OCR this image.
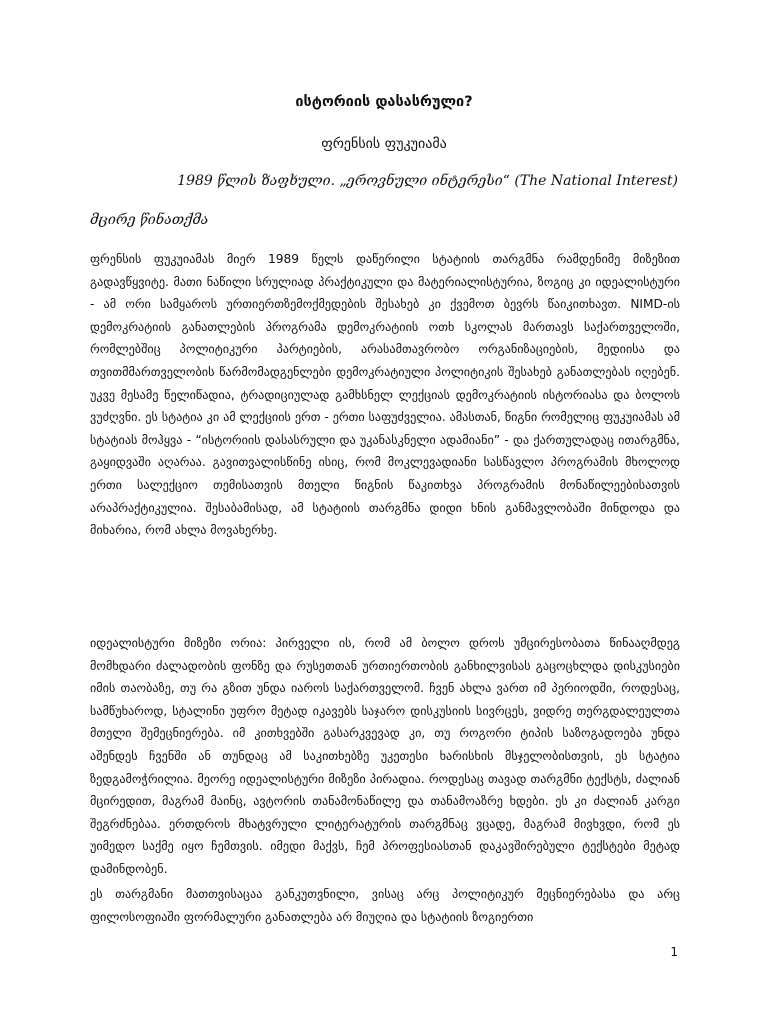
ისტორიის დასასრული?
ფრენსის ფუკუიამა
1989 წლის ზაფხული. „ეროვნული ინტერესი“ (The National Interest)
მცირე წინათქმა

ფრენსის ფუკუიამას მიერ 1989 წელს დაწერილი სტატიის თარგმნა რამდენიმე მიზეზით გადავწყვიტე. მათი ნაწილი სრულიად პრაქტიკული და მატერიალისტურია, ზოგიც კი იდეალისტური - ამ ორი სამყაროს ურთიერთზემოქმედების შესახებ კი ქვემოთ ბევრს წაიკითხავთ. NIMD-ის დემოკრატიის განათლების პროგრამა დემოკრატიის ოთხ სკოლას მართავს საქართველოში, რომლებშიც პოლიტიკური პარტიების, არასამთავრობო ორგანიზაციების, მედიისა და თვითმმართველობის წარმომადგენლები დემოკრატიული პოლიტიკის შესახებ განათლებას იღებენ. უკვე მესამე წელიწადია, ტრადიციულად გამხსნელ ლექციას დემოკრატიის ისტორიასა და ბოლოს ვუძღვნი. ეს სტატია კი ამ ლექციის ერთ - ერთი საფუძველია. ამასთან, წიგნი რომელიც ფუკუიამას ამ სტატიას მოჰყვა - “ისტორიის დასასრული და უკანასკნელი ადამიანი” - და ქართულადაც ითარგმნა, გაყიდვაში აღარაა. გავითვალისწინე ისიც, რომ მოკლევადიანი სასწავლო პროგრამის მხოლოდ ერთი სალექციო თემისათვის მთელი წიგნის წაკითხვა პროგრამის მონაწილეებისათვის არაპრაქტიკულია. შესაბამისად, ამ სტატიის თარგმნა დიდი ხნის განმავლობაში მინდოდა და მიხარია, რომ ახლა მოვახერხე.

იდეალისტური მიზეზი ორია: პირველი ის, რომ ამ ბოლო დროს უმცირესობათა წინააღმდეგ მომხდარი ძალადობის ფონზე და რუსეთთან ურთიერთობის განხილვისას გაცოცხლდა დისკუსიები იმის თაობაზე, თუ რა გზით უნდა იაროს საქართველომ. ჩვენ ახლა ვართ იმ პერიოდში, როდესაც, სამწუხაროდ, სტალინი უფრო მეტად იკავებს საჯარო დისკუსიის სივრცეს, ვიდრე თერგდალეულთა მთელი შემეცნიერება. იმ კითხვებში გასარკვევად კი, თუ როგორი ტიპის საზოგადოება უნდა აშენდეს ჩვენში ან თუნდაც ამ საკითხებზე უკეთესი ხარისხის მსჯელობისთვის, ეს სტატია ზედგამოჭრილია. მეორე იდეალისტური მიზეზი პირადია. როდესაც თავად თარგმნი ტექსტს, ძალიან მცირედით, მაგრამ მაინც, ავტორის თანამონაწილე და თანამოაზრე ხდები. ეს კი ძალიან კარგი შეგრძნებაა. ერთდროს მხატვრული ლიტერატურის თარგმნაც ვცადე, მაგრამ მივხვდი, რომ ეს უიმედო საქმე იყო ჩემთვის. იმედი მაქვს, ჩემ პროფესიასთან დაკავშირებული ტექსტები მეტად დამინდობენ.

ეს თარგმანი მათთვისაცაა განკუთვნილი, ვისაც არც პოლიტიკურ მეცნიერებასა და არც ფილოსოფიაში ფორმალური განათლება არ მიუღია და სტატიის ზოგიერთი

1
